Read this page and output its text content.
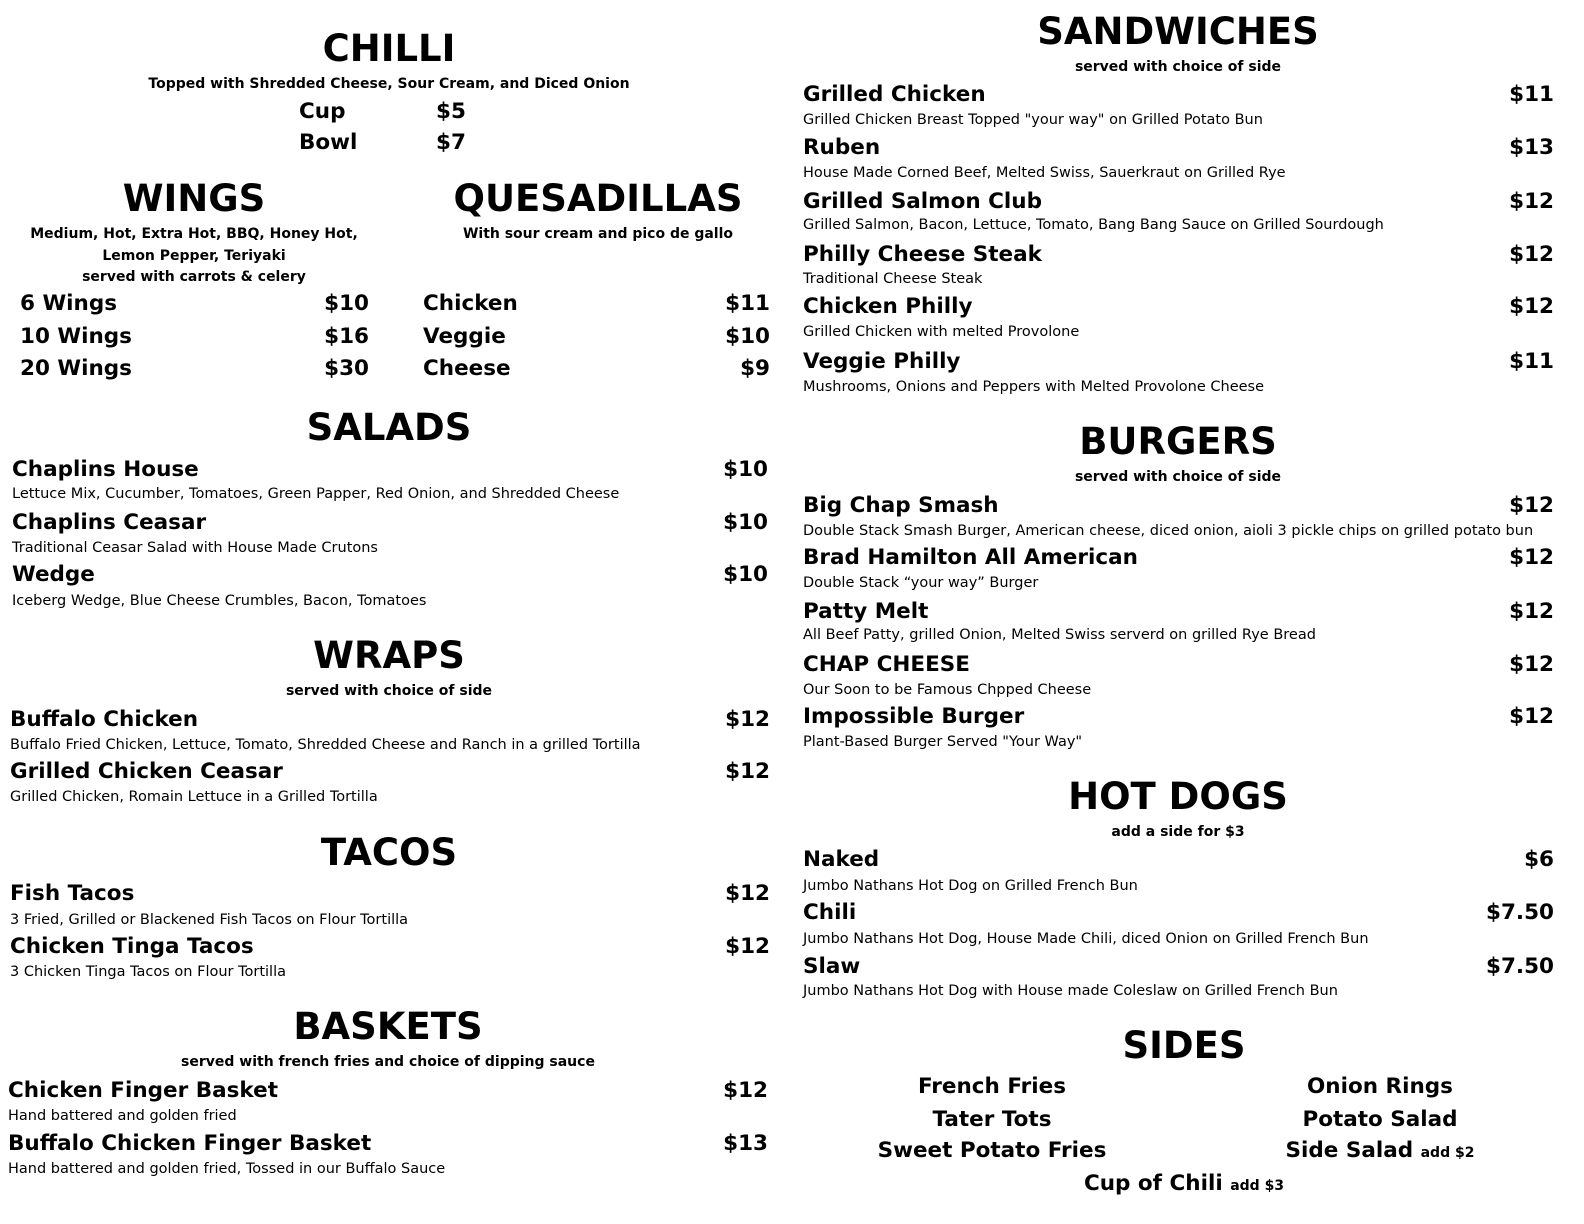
CHILLI
Topped with Shredded Cheese, Sour Cream, and Diced Onion
Cup	$5
Bowl	$7
WINGS
Medium, Hot, Extra Hot, BBQ, Honey Hot,
Lemon Pepper, Teriyaki
served with carrots & celery
6 Wings	$10
10 Wings	$16
20 Wings	$30
QUESADILLAS
With sour cream and pico de gallo
Chicken	$11
Veggie	$10
Cheese	$9
SALADS
Chaplins House	$10
Lettuce Mix, Cucumber, Tomatoes, Green Papper, Red Onion, and Shredded Cheese
Chaplins Ceasar	$10
Traditional Ceasar Salad with House Made Crutons
Wedge	$10
Iceberg Wedge, Blue Cheese Crumbles, Bacon, Tomatoes
WRAPS
served with choice of side
Buffalo Chicken	$12
Buffalo Fried Chicken, Lettuce, Tomato, Shredded Cheese and Ranch in a grilled Tortilla
Grilled Chicken Ceasar	$12
Grilled Chicken, Romain Lettuce in a Grilled Tortilla
TACOS
Fish Tacos	$12
3 Fried, Grilled or Blackened Fish Tacos on Flour Tortilla
Chicken Tinga Tacos	$12
3 Chicken Tinga Tacos on Flour Tortilla
BASKETS
served with french fries and choice of dipping sauce
Chicken Finger Basket	$12
Hand battered and golden fried
Buffalo Chicken Finger Basket	$13
Hand battered and golden fried, Tossed in our Buffalo Sauce
SANDWICHES
served with choice of side
Grilled Chicken	$11
Grilled Chicken Breast Topped "your way" on Grilled Potato Bun
Ruben	$13
House Made Corned Beef, Melted Swiss, Sauerkraut on Grilled Rye
Grilled Salmon Club	$12
Grilled Salmon, Bacon, Lettuce, Tomato, Bang Bang Sauce on Grilled Sourdough
Philly Cheese Steak	$12
Traditional Cheese Steak
Chicken Philly	$12
Grilled Chicken with melted Provolone
Veggie Philly	$11
Mushrooms, Onions and Peppers with Melted Provolone Cheese
BURGERS
served with choice of side
Big Chap Smash	$12
Double Stack Smash Burger, American cheese, diced onion, aioli 3 pickle chips on grilled potato bun
Brad Hamilton All American	$12
Double Stack “your way” Burger
Patty Melt	$12
All Beef Patty, grilled Onion, Melted Swiss serverd on grilled Rye Bread
CHAP CHEESE	$12
Our Soon to be Famous Chpped Cheese
Impossible Burger	$12
Plant-Based Burger Served "Your Way"
HOT DOGS
add a side for $3
Naked	$6
Jumbo Nathans Hot Dog on Grilled French Bun
Chili	$7.50
Jumbo Nathans Hot Dog, House Made Chili, diced Onion on Grilled French Bun
Slaw	$7.50
Jumbo Nathans Hot Dog with House made Coleslaw on Grilled French Bun
SIDES
French Fries
Tater Tots
Sweet Potato Fries
Onion Rings
Potato Salad
Side Salad add $2
Cup of Chili add $3
